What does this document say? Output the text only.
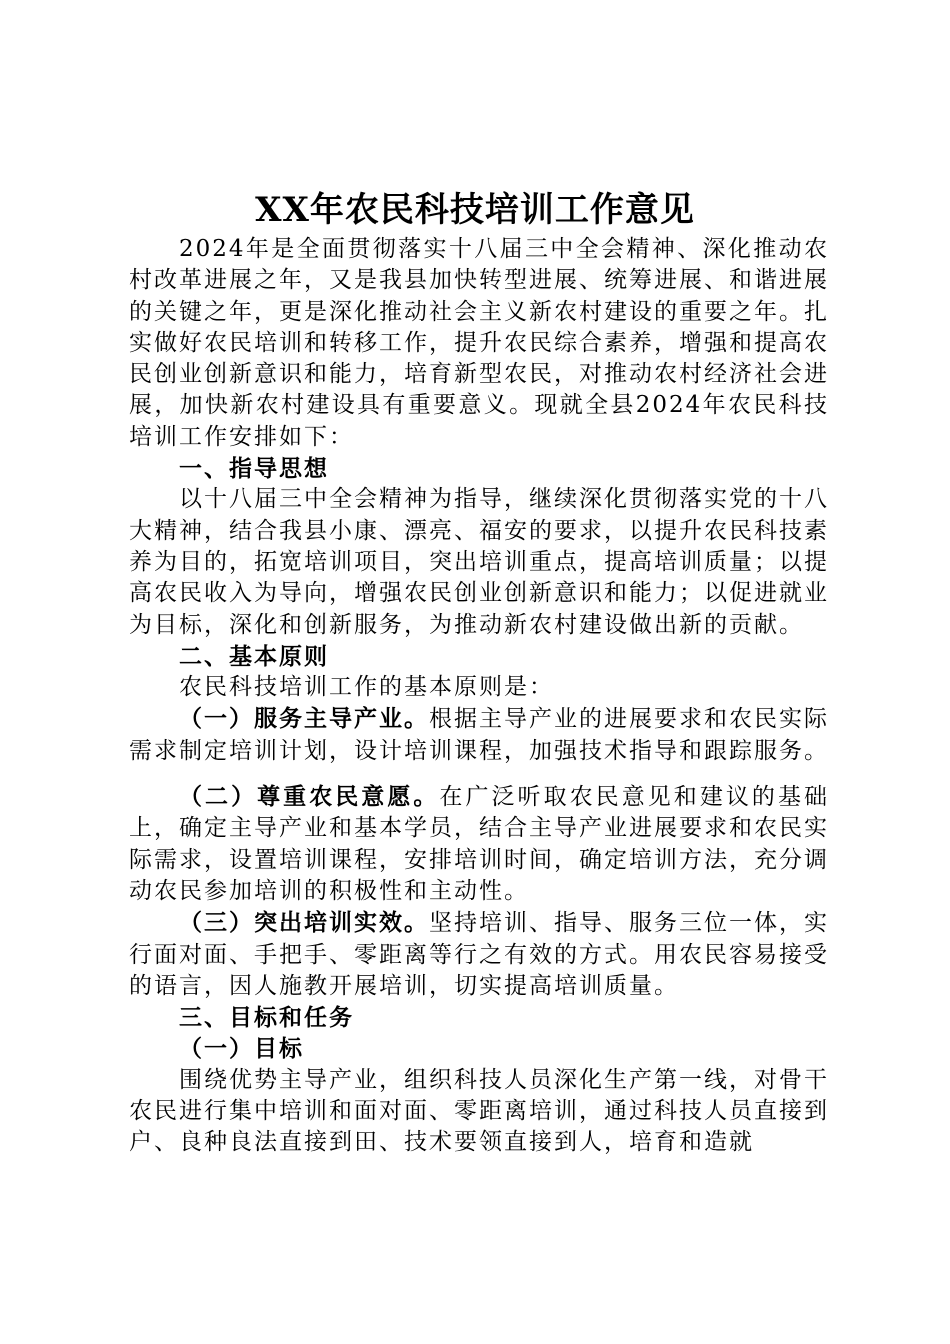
XX年农民科技培训工作意见

2024年是全面贯彻落实十八届三中全会精神、深化推动农村改革进展之年，又是我县加快转型进展、统筹进展、和谐进展的关键之年，更是深化推动社会主义新农村建设的重要之年。扎实做好农民培训和转移工作，提升农民综合素养，增强和提高农民创业创新意识和能力，培育新型农民，对推动农村经济社会进展，加快新农村建设具有重要意义。现就全县2024年农民科技培训工作安排如下：

一、指导思想

以十八届三中全会精神为指导，继续深化贯彻落实党的十八大精神，结合我县小康、漂亮、福安的要求，以提升农民科技素养为目的，拓宽培训项目，突出培训重点，提高培训质量；以提高农民收入为导向，增强农民创业创新意识和能力；以促进就业为目标，深化和创新服务，为推动新农村建设做出新的贡献。

二、基本原则

农民科技培训工作的基本原则是：

（一）服务主导产业。根据主导产业的进展要求和农民实际需求制定培训计划，设计培训课程，加强技术指导和跟踪服务。

（二）尊重农民意愿。在广泛听取农民意见和建议的基础上，确定主导产业和基本学员，结合主导产业进展要求和农民实际需求，设置培训课程，安排培训时间，确定培训方法，充分调动农民参加培训的积极性和主动性。

（三）突出培训实效。坚持培训、指导、服务三位一体，实行面对面、手把手、零距离等行之有效的方式。用农民容易接受的语言，因人施教开展培训，切实提高培训质量。

三、目标和任务

（一）目标

围绕优势主导产业，组织科技人员深化生产第一线，对骨干农民进行集中培训和面对面、零距离培训，通过科技人员直接到户、良种良法直接到田、技术要领直接到人，培育和造就
